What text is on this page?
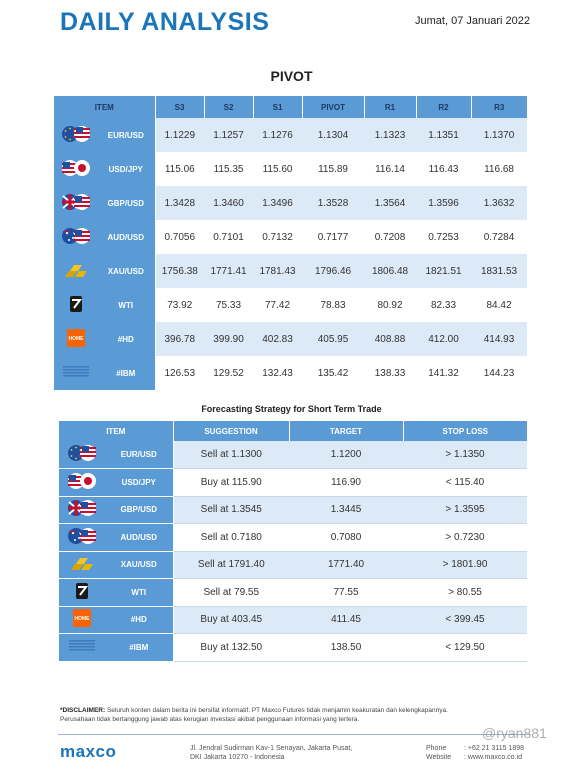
DAILY ANALYSIS	Jumat, 07 Januari 2022
PIVOT
ITEM		S3	S2	S1	PIVOT	R1	R2	R3
	EUR/USD	1.1229	1.1257	1.1276	1.1304	1.1323	1.1351	1.1370
	USD/JPY	115.06	115.35	115.60	115.89	116.14	116.43	116.68
	GBP/USD	1.3428	1.3460	1.3496	1.3528	1.3564	1.3596	1.3632
	AUD/USD	0.7056	0.7101	0.7132	0.7177	0.7208	0.7253	0.7284
	XAU/USD	1756.38	1771.41	1781.43	1796.46	1806.48	1821.51	1831.53
	WTI	73.92	75.33	77.42	78.83	80.92	82.33	84.42

HOME	#HD	396.78	399.90	402.83	405.95	408.88	412.00	414.93
	#IBM	126.53	129.52	132.43	135.42	138.33	141.32	144.23
Forecasting Strategy for Short Term Trade
ITEM		SUGGESTION	TARGET	STOP LOSS
	EUR/USD	Sell at 1.1300	1.1200	> 1.1350
	USD/JPY	Buy at 115.90	116.90	< 115.40
	GBP/USD	Sell at 1.3545	1.3445	> 1.3595
	AUD/USD	Sell at 0.7180	0.7080	> 0.7230
	XAU/USD	Sell at 1791.40	1771.40	> 1801.90
	WTI	Sell at 79.55	77.55	> 80.55

HOME	#HD	Buy at 403.45	411.45	< 399.45
	#IBM	Buy at 132.50	138.50	< 129.50
*DISCLAIMER: Seluruh konten dalam berita ini bersifat informatif. PT Maxco Futures tidak menjamin keakuratan dan kelengkapannya.
Perusahaan tidak bertanggung jawab atas kerugian investasi akibat penggunaan informasi yang tertera.
maxco	Jl. Jendral Sudirman Kav-1 Senayan, Jakarta Pusat,
DKI Jakarta 10270 - Indonesia
Phone	: +62 21 3115 1898
Website : www.maxco.co.id
@ryan881
